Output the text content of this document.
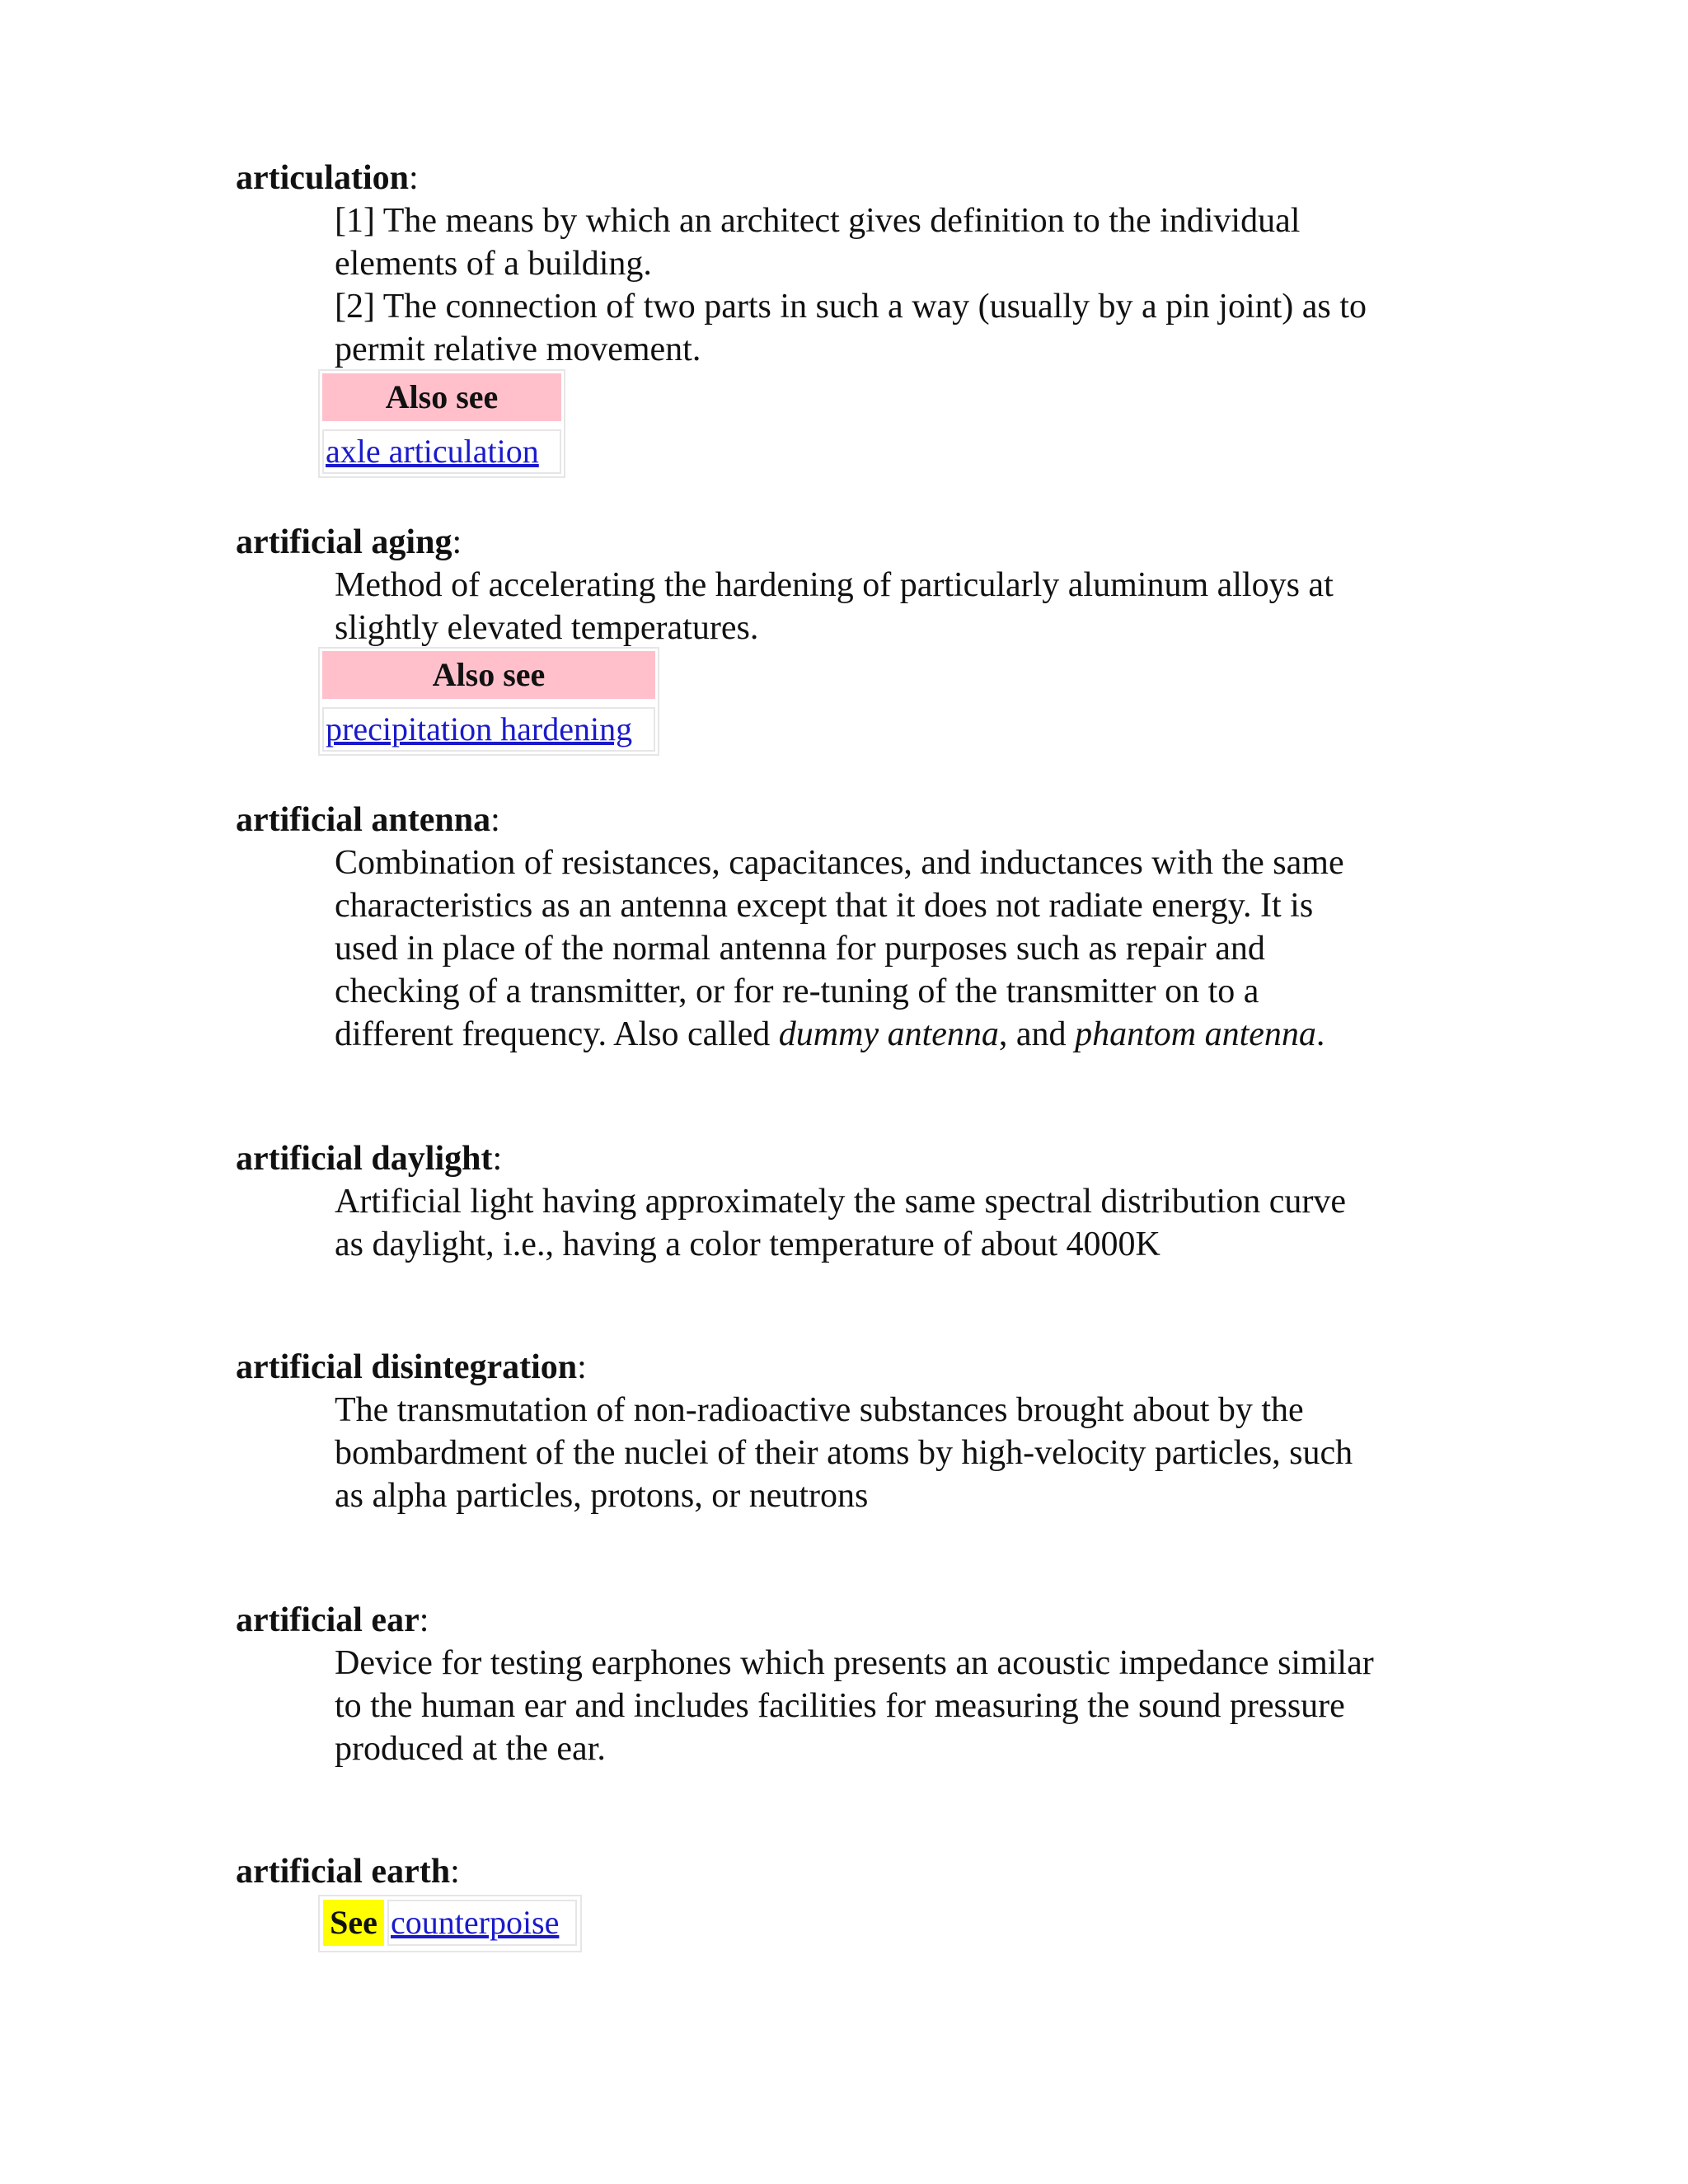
articulation:
[1] The means by which an architect gives definition to the individual
elements of a building.
[2] The connection of two parts in such a way (usually by a pin joint) as to
permit relative movement.
Also see
axle articulation
artificial aging:
Method of accelerating the hardening of particularly aluminum alloys at
slightly elevated temperatures.
Also see
precipitation hardening
artificial antenna:
Combination of resistances, capacitances, and inductances with the same
characteristics as an antenna except that it does not radiate energy. It is
used in place of the normal antenna for purposes such as repair and
checking of a transmitter, or for re-tuning of the transmitter on to a
different frequency. Also called dummy antenna, and phantom antenna.
artificial daylight:
Artificial light having approximately the same spectral distribution curve
as daylight, i.e., having a color temperature of about 4000K
artificial disintegration:
The transmutation of non-radioactive substances brought about by the
bombardment of the nuclei of their atoms by high-velocity particles, such
as alpha particles, protons, or neutrons
artificial ear:
Device for testing earphones which presents an acoustic impedance similar
to the human ear and includes facilities for measuring the sound pressure
produced at the ear.
artificial earth:
See counterpoise
